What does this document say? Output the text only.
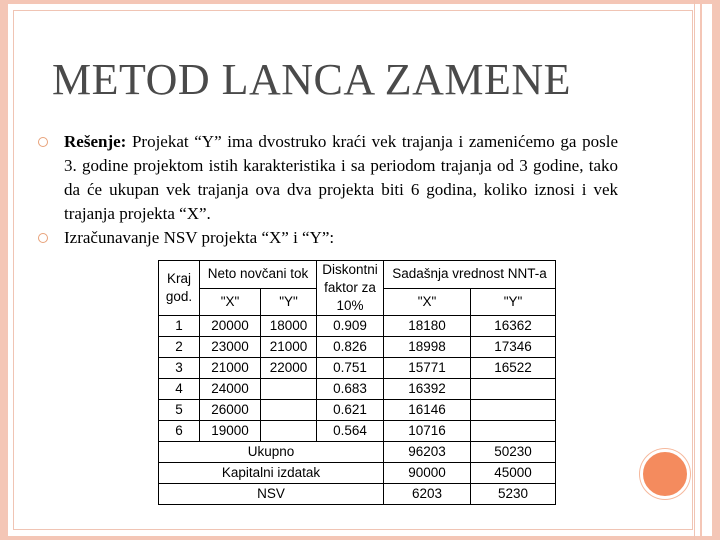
METOD LANCA ZAMENE
Rešenje: Projekat “Y” ima dvostruko kraći vek trajanja i zamenićemo ga posle 3. godine projektom istih karakteristika i sa periodom trajanja od 3 godine, tako da će ukupan vek trajanja ova dva projekta biti 6 godina, koliko iznosi i vek trajanja projekta “X”.
Izračunavanje NSV projekta “X” i “Y”:
Kraj god.	Neto novčani tok		Diskontni faktor za 10%	Sadašnja vrednost NNT-a	
	"X"	"Y"		"X"	"Y"
1	20000	18000	0.909	18180	16362
2	23000	21000	0.826	18998	17346
3	21000	22000	0.751	15771	16522
4	24000		0.683	16392	
5	26000		0.621	16146	
6	19000		0.564	10716	
Ukupno				96203	50230
Kapitalni izdatak				90000	45000
NSV				6203	5230
